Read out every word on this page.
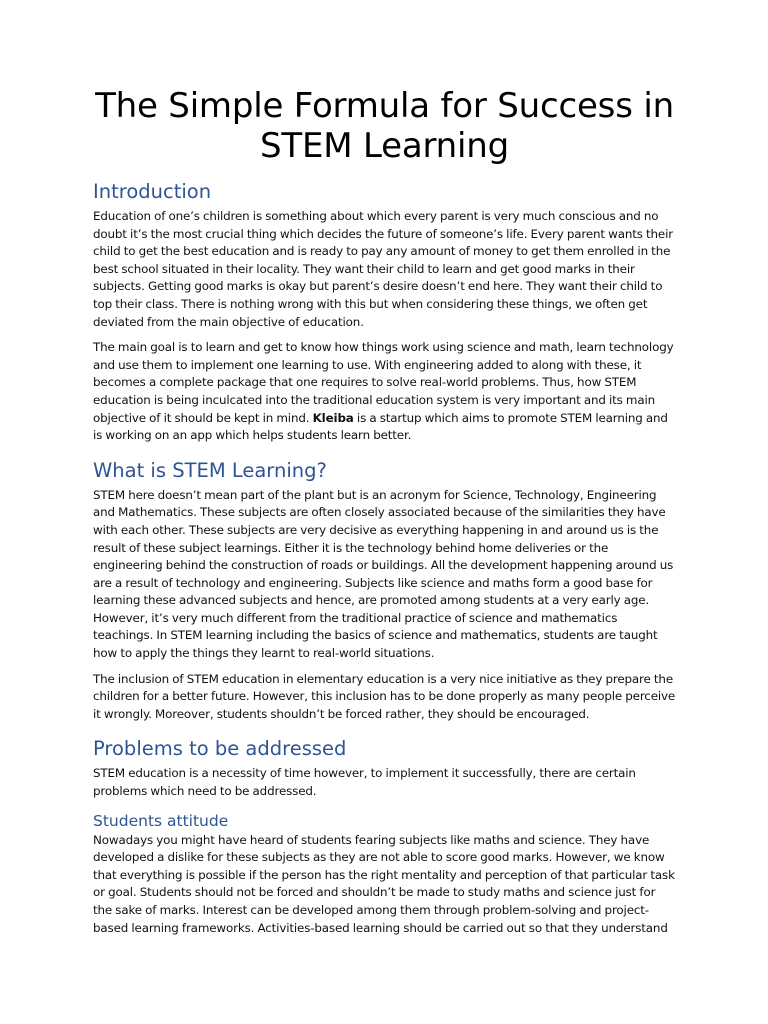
The Simple Formula for Success in STEM Learning
Introduction

Education of one’s children is something about which every parent is very much conscious and no doubt it’s the most crucial thing which decides the future of someone’s life. Every parent wants their child to get the best education and is ready to pay any amount of money to get them enrolled in the best school situated in their locality. They want their child to learn and get good marks in their subjects. Getting good marks is okay but parent’s desire doesn’t end here. They want their child to top their class. There is nothing wrong with this but when considering these things, we often get deviated from the main objective of education.

The main goal is to learn and get to know how things work using science and math, learn technology and use them to implement one learning to use. With engineering added to along with these, it becomes a complete package that one requires to solve real-world problems. Thus, how STEM education is being inculcated into the traditional education system is very important and its main objective of it should be kept in mind. Kleiba is a startup which aims to promote STEM learning and is working on an app which helps students learn better.

What is STEM Learning?

STEM here doesn’t mean part of the plant but is an acronym for Science, Technology, Engineering and Mathematics. These subjects are often closely associated because of the similarities they have with each other. These subjects are very decisive as everything happening in and around us is the result of these subject learnings. Either it is the technology behind home deliveries or the engineering behind the construction of roads or buildings. All the development happening around us are a result of technology and engineering. Subjects like science and maths form a good base for learning these advanced subjects and hence, are promoted among students at a very early age. However, it’s very much different from the traditional practice of science and mathematics teachings. In STEM learning including the basics of science and mathematics, students are taught how to apply the things they learnt to real-world situations.

The inclusion of STEM education in elementary education is a very nice initiative as they prepare the children for a better future. However, this inclusion has to be done properly as many people perceive it wrongly. Moreover, students shouldn’t be forced rather, they should be encouraged.

Problems to be addressed

STEM education is a necessity of time however, to implement it successfully, there are certain problems which need to be addressed.

Students attitude

Nowadays you might have heard of students fearing subjects like maths and science. They have developed a dislike for these subjects as they are not able to score good marks. However, we know that everything is possible if the person has the right mentality and perception of that particular task or goal. Students should not be forced and shouldn’t be made to study maths and science just for the sake of marks. Interest can be developed among them through problem-solving and project-based learning frameworks. Activities-based learning should be carried out so that they understand
